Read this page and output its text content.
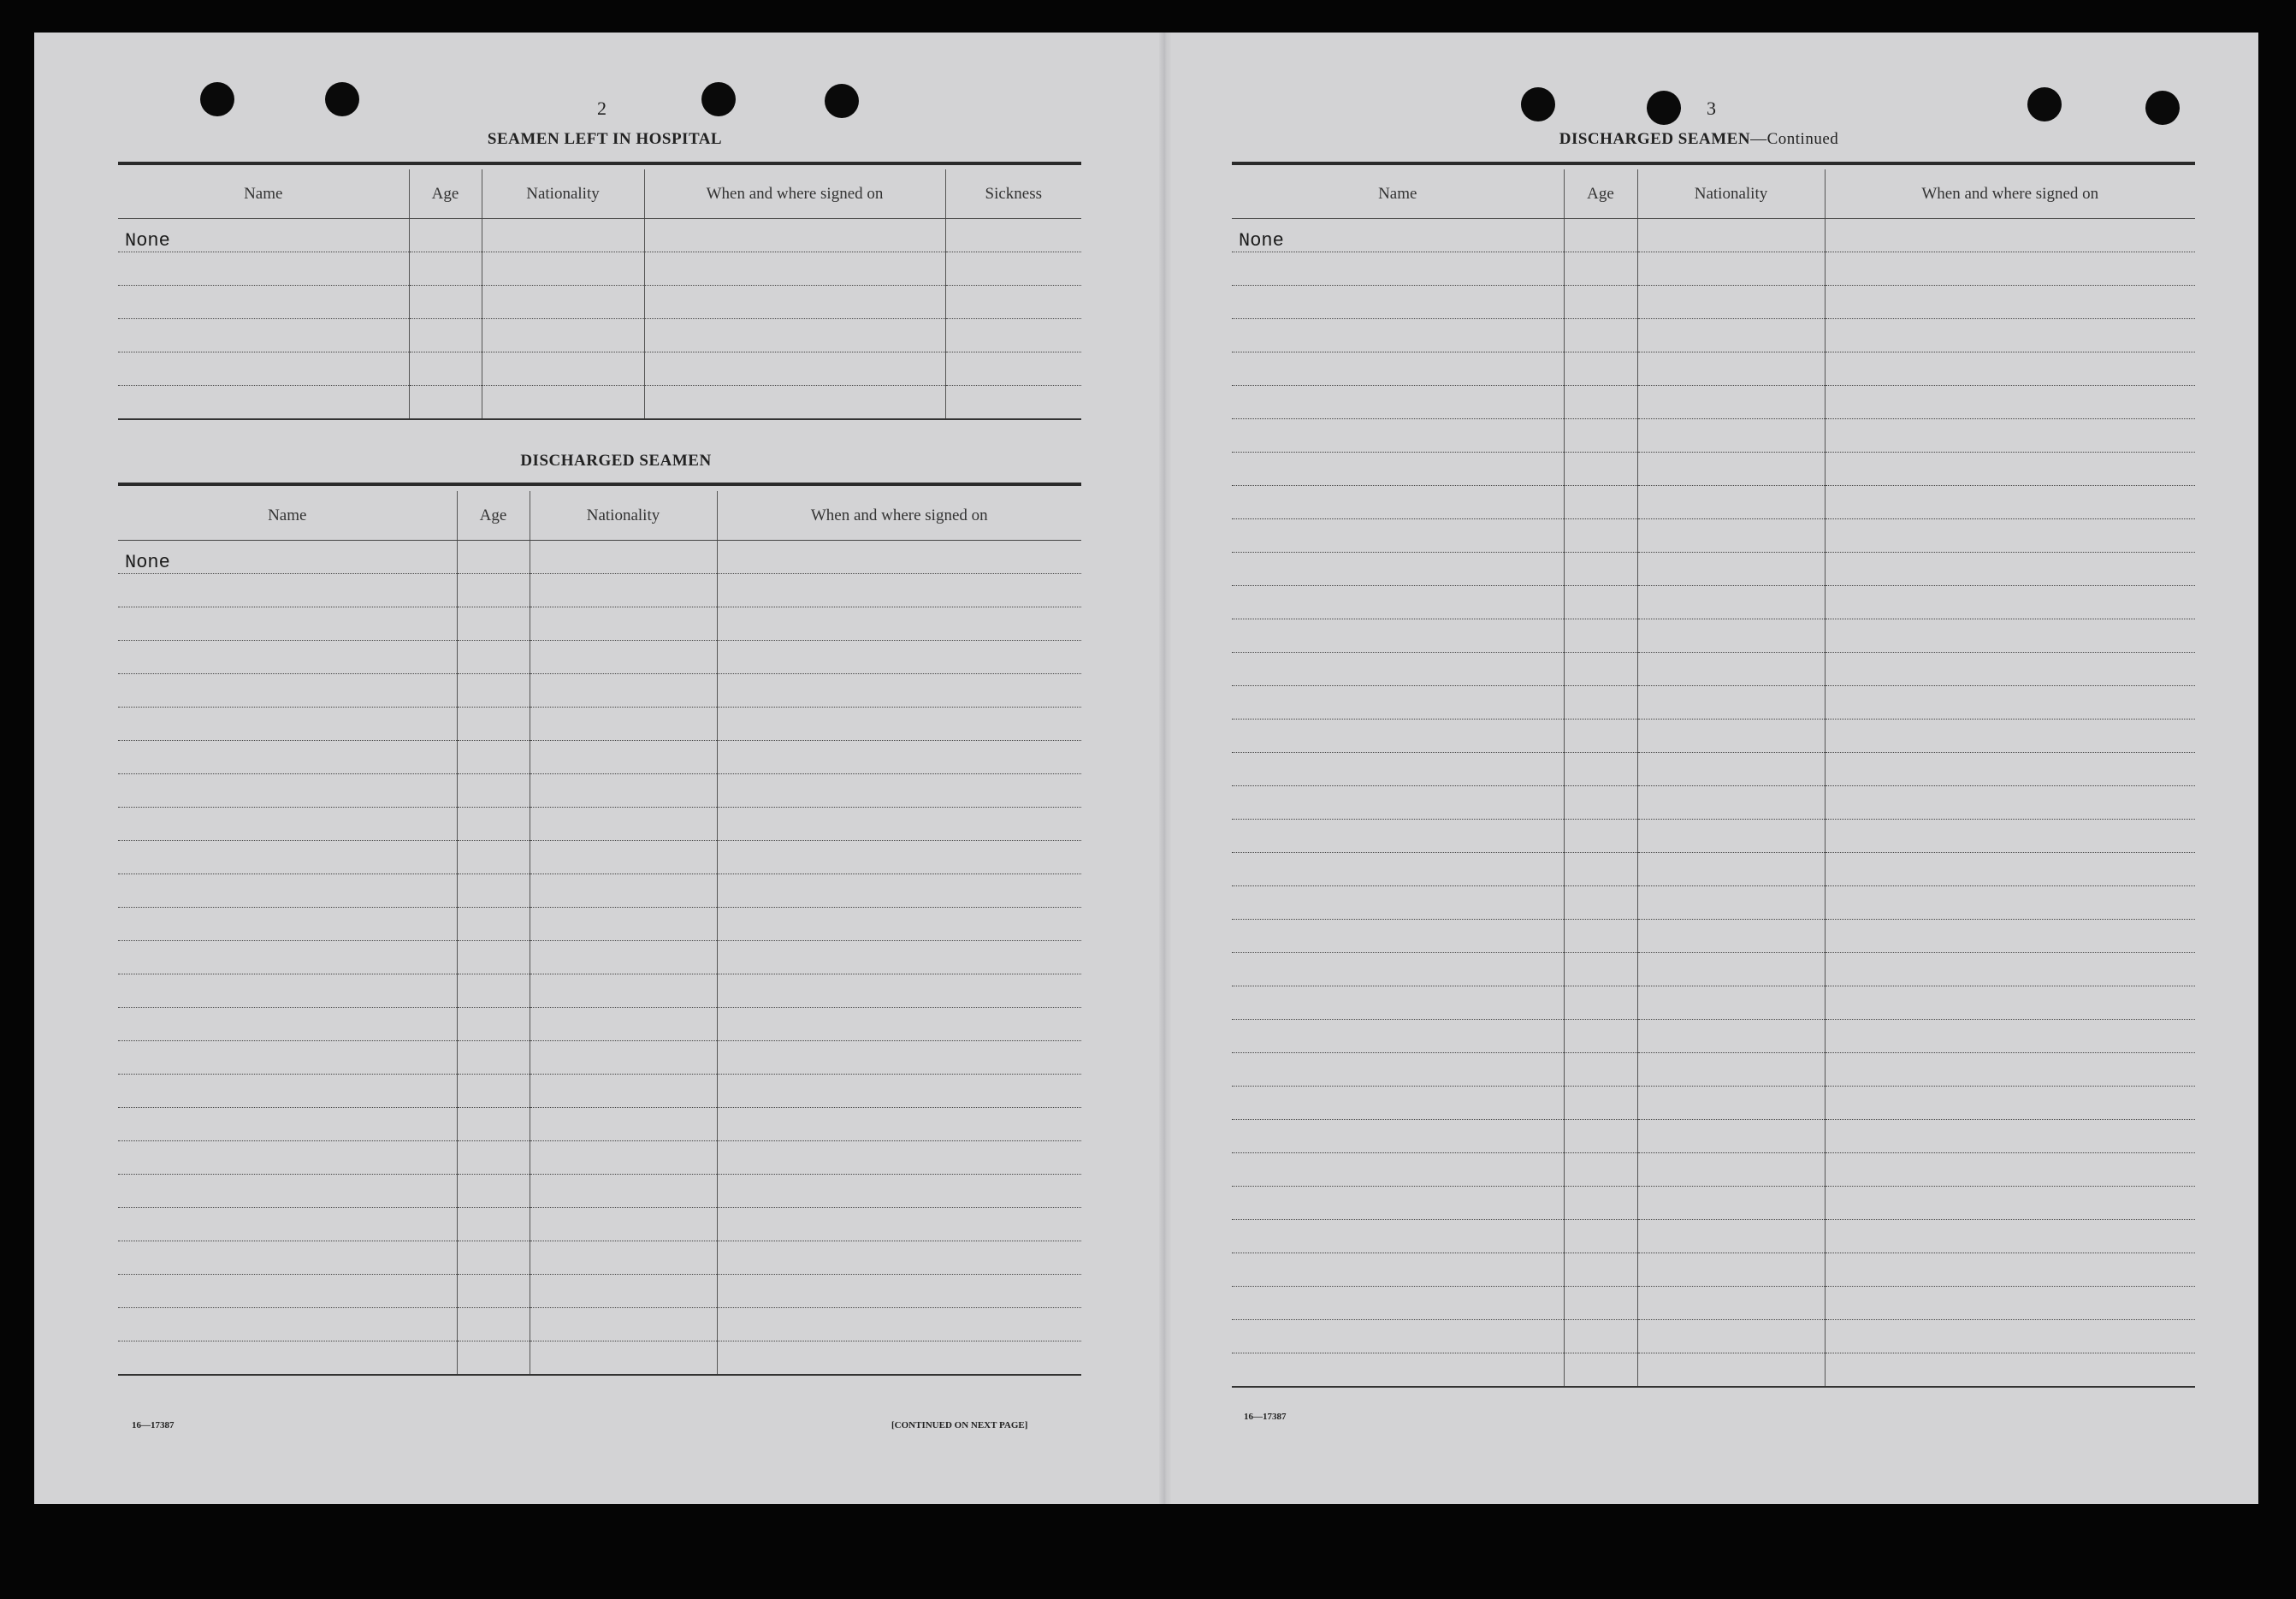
2

SEAMEN LEFT IN HOSPITAL

Name	Age	Nationality	When and where signed on	Sickness
None				

DISCHARGED SEAMEN

Name	Age	Nationality	When and where signed on
None			

16—17387	[CONTINUED ON NEXT PAGE]

3

DISCHARGED SEAMEN—Continued

Name	Age	Nationality	When and where signed on
None			

16—17387
